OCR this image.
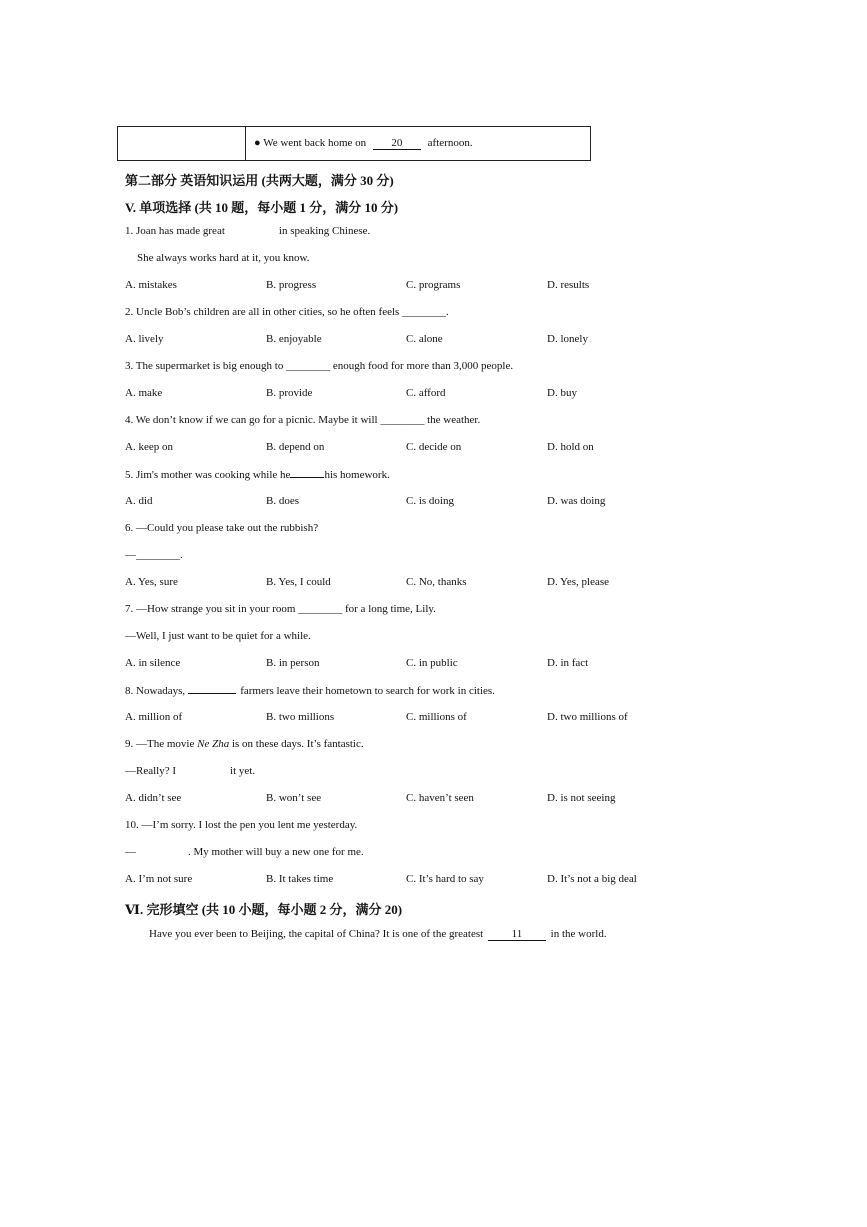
● We went back home on 20 afternoon.
第二部分 英语知识运用 (共两大题，满分 30 分)
V. 单项选择 (共 10 题，每小题 1 分，满分 10 分)
1. Joan has made great	in speaking Chinese.
She always works hard at it, you know.
A. mistakes	B. progress	C. programs	D. results
2. Uncle Bob’s children are all in other cities, so he often feels ________.
A. lively	B. enjoyable	C. alone	D. lonely
3. The supermarket is big enough to ________ enough food for more than 3,000 people.
A. make	B. provide	C. afford	D. buy
4. We don’t know if we can go for a picnic. Maybe it will ________ the weather.
A. keep on	B. depend on	C. decide on	D. hold on
5. Jim's mother was cooking while he	his homework.
A. did	B. does	C. is doing	D. was doing
6. —Could you please take out the rubbish?
—________.
A. Yes, sure	B. Yes, I could	C. No, thanks	D. Yes, please
7. —How strange you sit in your room ________ for a long time, Lily.
—Well, I just want to be quiet for a while.
A. in silence	B. in person	C. in public	D. in fact
8. Nowadays,	farmers leave their hometown to search for work in cities.
A. million of	B. two millions	C. millions of	D. two millions of
9. —The movie Ne Zha is on these days. It’s fantastic.
—Really? I	it yet.
A. didn’t see	B. won’t see	C. haven’t seen	D. is not seeing
10. —I’m sorry. I lost the pen you lent me yesterday.
—	. My mother will buy a new one for me.
A. I’m not sure	B. It takes time	C. It’s hard to say	D. It’s not a big deal
Ⅵ. 完形填空 (共 10 小题，每小题 2 分，满分 20)
Have you ever been to Beijing, the capital of China? It is one of the greatest	11	in the world.
